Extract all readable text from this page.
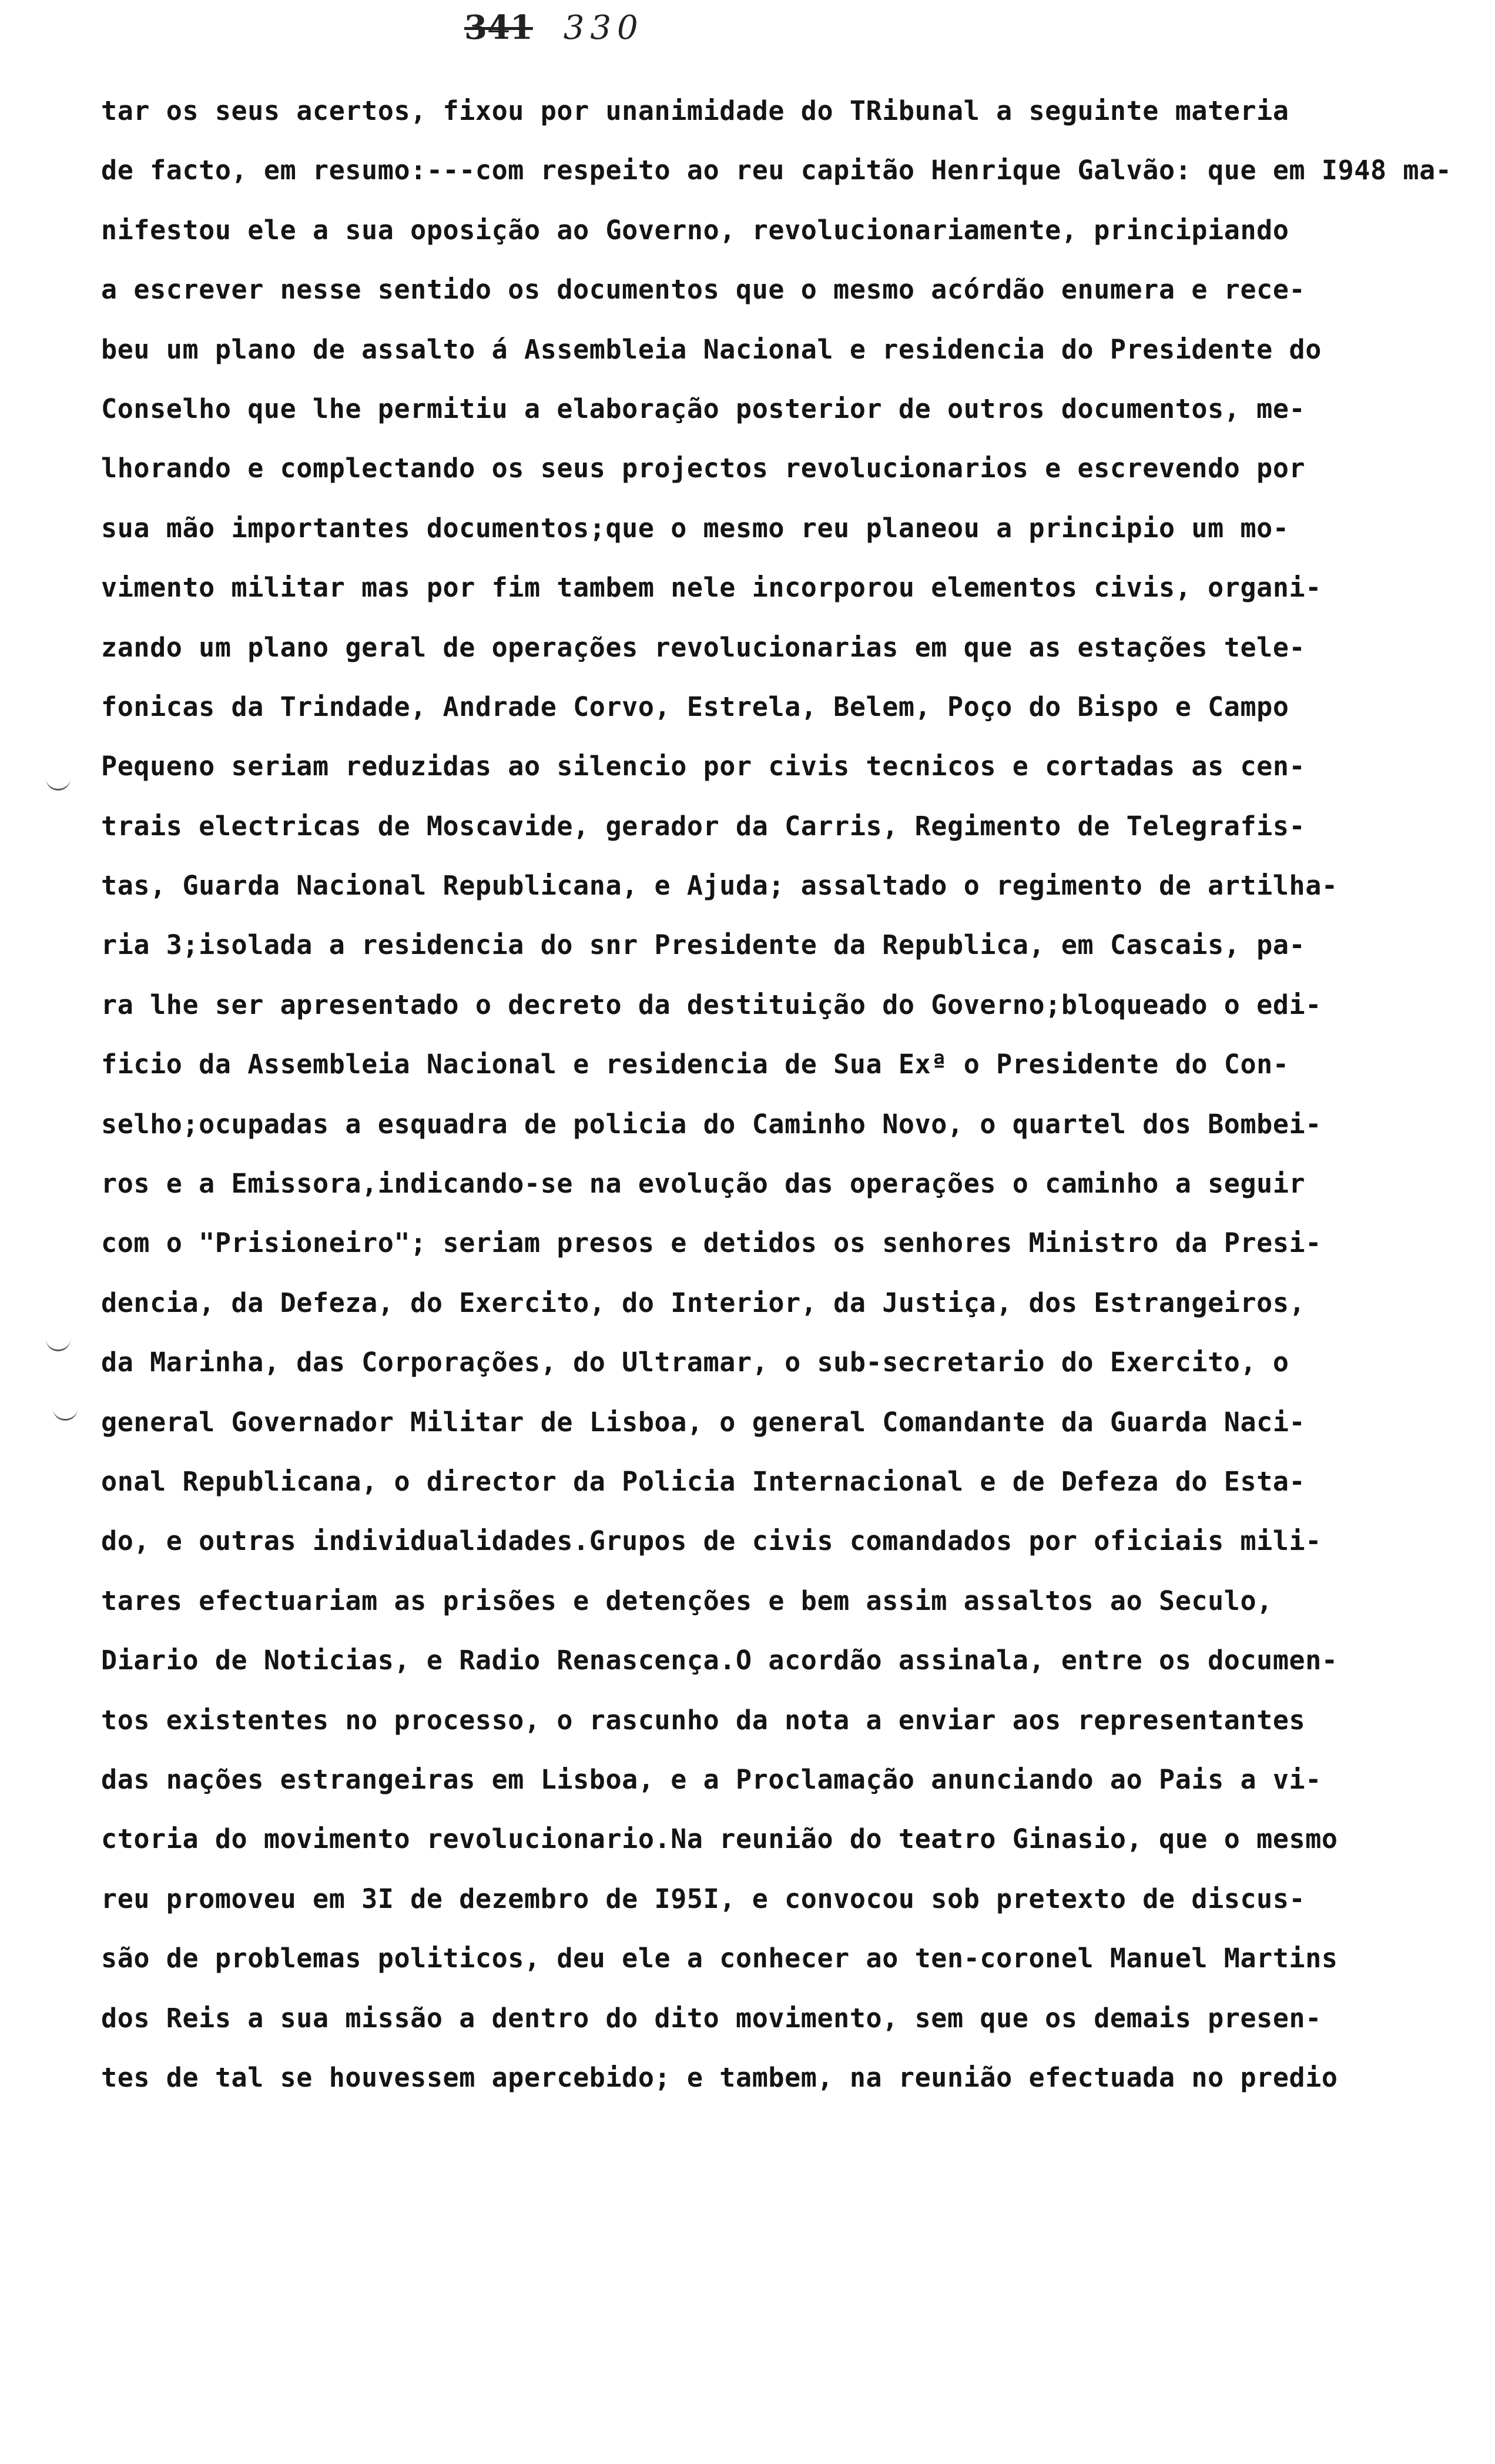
341 330
tar os seus acertos, fixou por unanimidade do TRibunal a seguinte materia
de facto, em resumo:---com respeito ao reu capitão Henrique Galvão: que em I948 ma-
nifestou ele a sua oposição ao Governo, revolucionariamente, principiando
a escrever nesse sentido os documentos que o mesmo acórdão enumera e rece-
beu um plano de assalto á Assembleia Nacional e residencia do Presidente do
Conselho que lhe permitiu a elaboração posterior de outros documentos, me-
lhorando e complectando os seus projectos revolucionarios e escrevendo por
sua mão importantes documentos;que o mesmo reu planeou a principio um mo-
vimento militar mas por fim tambem nele incorporou elementos civis, organi-
zando um plano geral de operações revolucionarias em que as estações tele-
fonicas da Trindade, Andrade Corvo, Estrela, Belem, Poço do Bispo e Campo
Pequeno seriam reduzidas ao silencio por civis tecnicos e cortadas as cen-
trais electricas de Moscavide, gerador da Carris, Regimento de Telegrafis-
tas, Guarda Nacional Republicana, e Ajuda; assaltado o regimento de artilha-
ria 3;isolada a residencia do snr Presidente da Republica, em Cascais, pa-
ra lhe ser apresentado o decreto da destituição do Governo;bloqueado o edi-
ficio da Assembleia Nacional e residencia de Sua Exª o Presidente do Con-
selho;ocupadas a esquadra de policia do Caminho Novo, o quartel dos Bombei-
ros e a Emissora,indicando-se na evolução das operações o caminho a seguir
com o "Prisioneiro"; seriam presos e detidos os senhores Ministro da Presi-
dencia, da Defeza, do Exercito, do Interior, da Justiça, dos Estrangeiros,
da Marinha, das Corporações, do Ultramar, o sub-secretario do Exercito, o
general Governador Militar de Lisboa, o general Comandante da Guarda Naci-
onal Republicana, o director da Policia Internacional e de Defeza do Esta-
do, e outras individualidades.Grupos de civis comandados por oficiais mili-
tares efectuariam as prisões e detenções e bem assim assaltos ao Seculo,
Diario de Noticias, e Radio Renascença.O acordão assinala, entre os documen-
tos existentes no processo, o rascunho da nota a enviar aos representantes
das nações estrangeiras em Lisboa, e a Proclamação anunciando ao Pais a vi-
ctoria do movimento revolucionario.Na reunião do teatro Ginasio, que o mesmo
reu promoveu em 3I de dezembro de I95I, e convocou sob pretexto de discus-
são de problemas politicos, deu ele a conhecer ao ten-coronel Manuel Martins
dos Reis a sua missão a dentro do dito movimento, sem que os demais presen-
tes de tal se houvessem apercebido; e tambem, na reunião efectuada no predio
